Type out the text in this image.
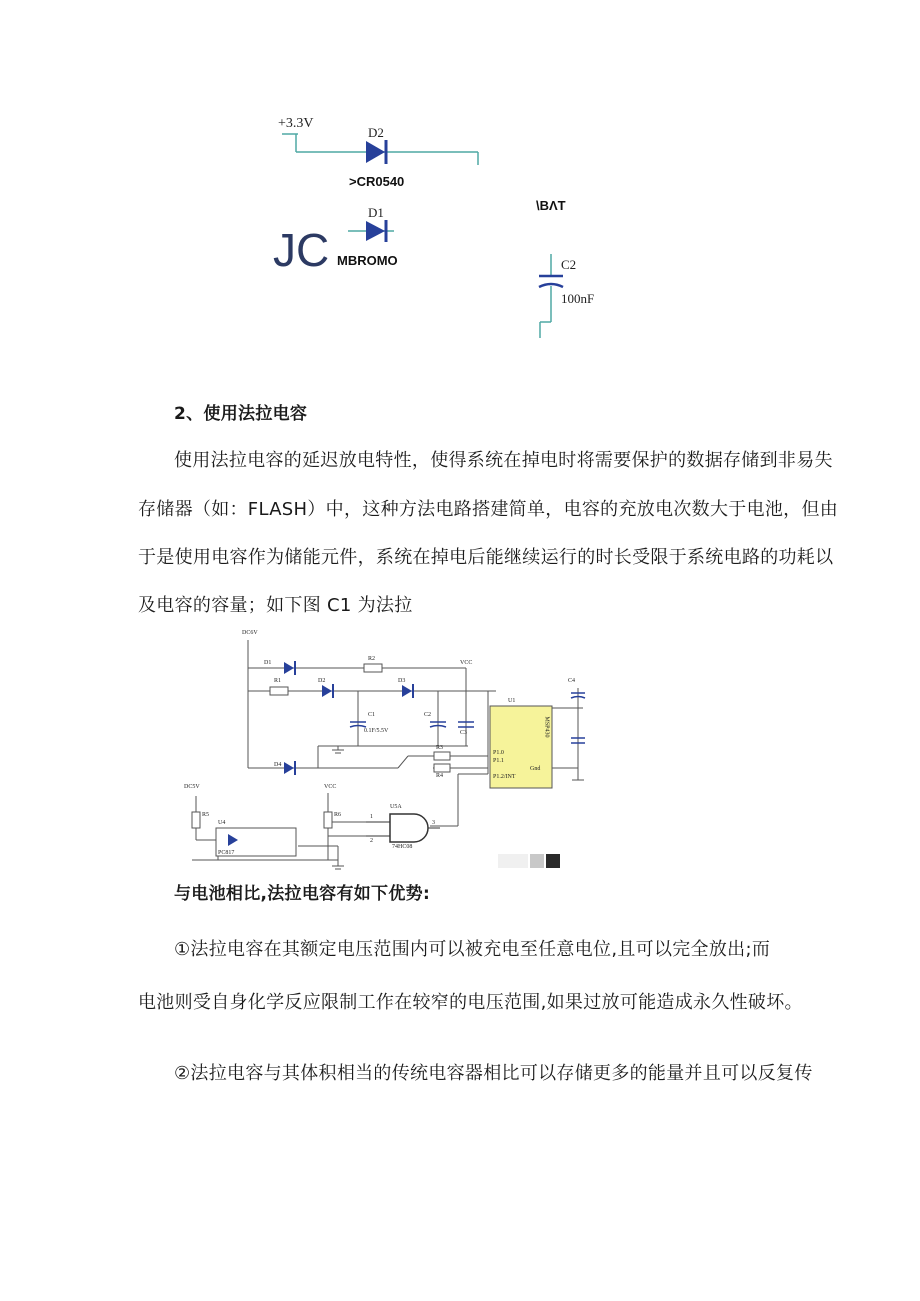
+3.3V
D2
>CR0540
D1
JC MBROMO
\BΛT
C2
100nF
2、使用法拉电容
使用法拉电容的延迟放电特性，使得系统在掉电时将需要保护的数据存储到非易失
存储器（如：FLASH）中，这种方法电路搭建简单，电容的充放电次数大于电池，但由
于是使用电容作为储能元件，系统在掉电后能继续运行的时长受限于系统电路的功耗以
及电容的容量；如下图 C1 为法拉
DC6V
D1
R2
VCC
R1	D2	D3
U1
C1
0.1F/5.5V
C2
C3	MSP430
P1.0
P1.1
P1.2/INT
Gnd
D4
R3
R4
DC5V	VCC
R5	R6
U4
PC817
U5A
74HC08
1
2
3
C4
与电池相比,法拉电容有如下优势:
①法拉电容在其额定电压范围内可以被充电至任意电位,且可以完全放出;而
电池则受自身化学反应限制工作在较窄的电压范围,如果过放可能造成永久性破坏。
②法拉电容与其体积相当的传统电容器相比可以存储更多的能量并且可以反复传
